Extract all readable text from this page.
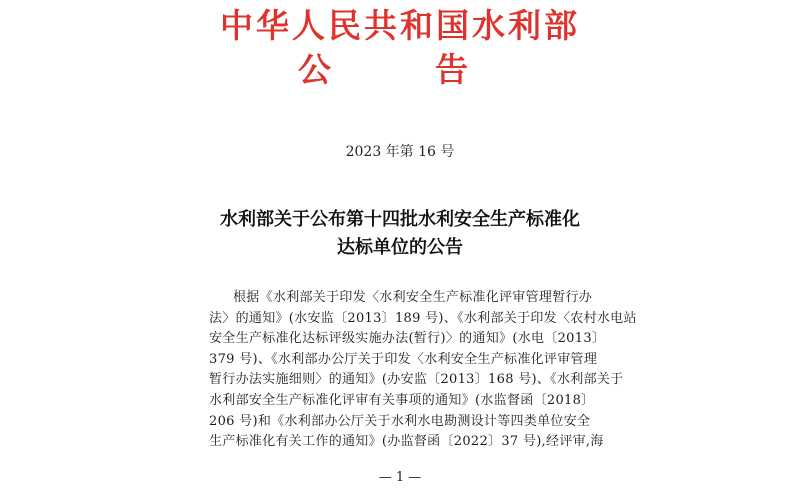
中华人民共和国水利部
公	告
2023 年第 16 号
水利部关于公布第十四批水利安全生产标准化
达标单位的公告
根据《水利部关于印发〈水利安全生产标准化评审管理暂行办
法〉的通知》(水安监〔2013〕189 号)、《水利部关于印发〈农村水电站
安全生产标准化达标评级实施办法(暂行)〉的通知》(水电〔2013〕
379 号)、《水利部办公厅关于印发〈水利安全生产标准化评审管理
暂行办法实施细则〉的通知》(办安监〔2013〕168 号)、《水利部关于
水利部安全生产标准化评审有关事项的通知》(水监督函〔2018〕
206 号)和《水利部办公厅关于水利水电勘测设计等四类单位安全
生产标准化有关工作的通知》(办监督函〔2022〕37 号),经评审,海
— 1 —
